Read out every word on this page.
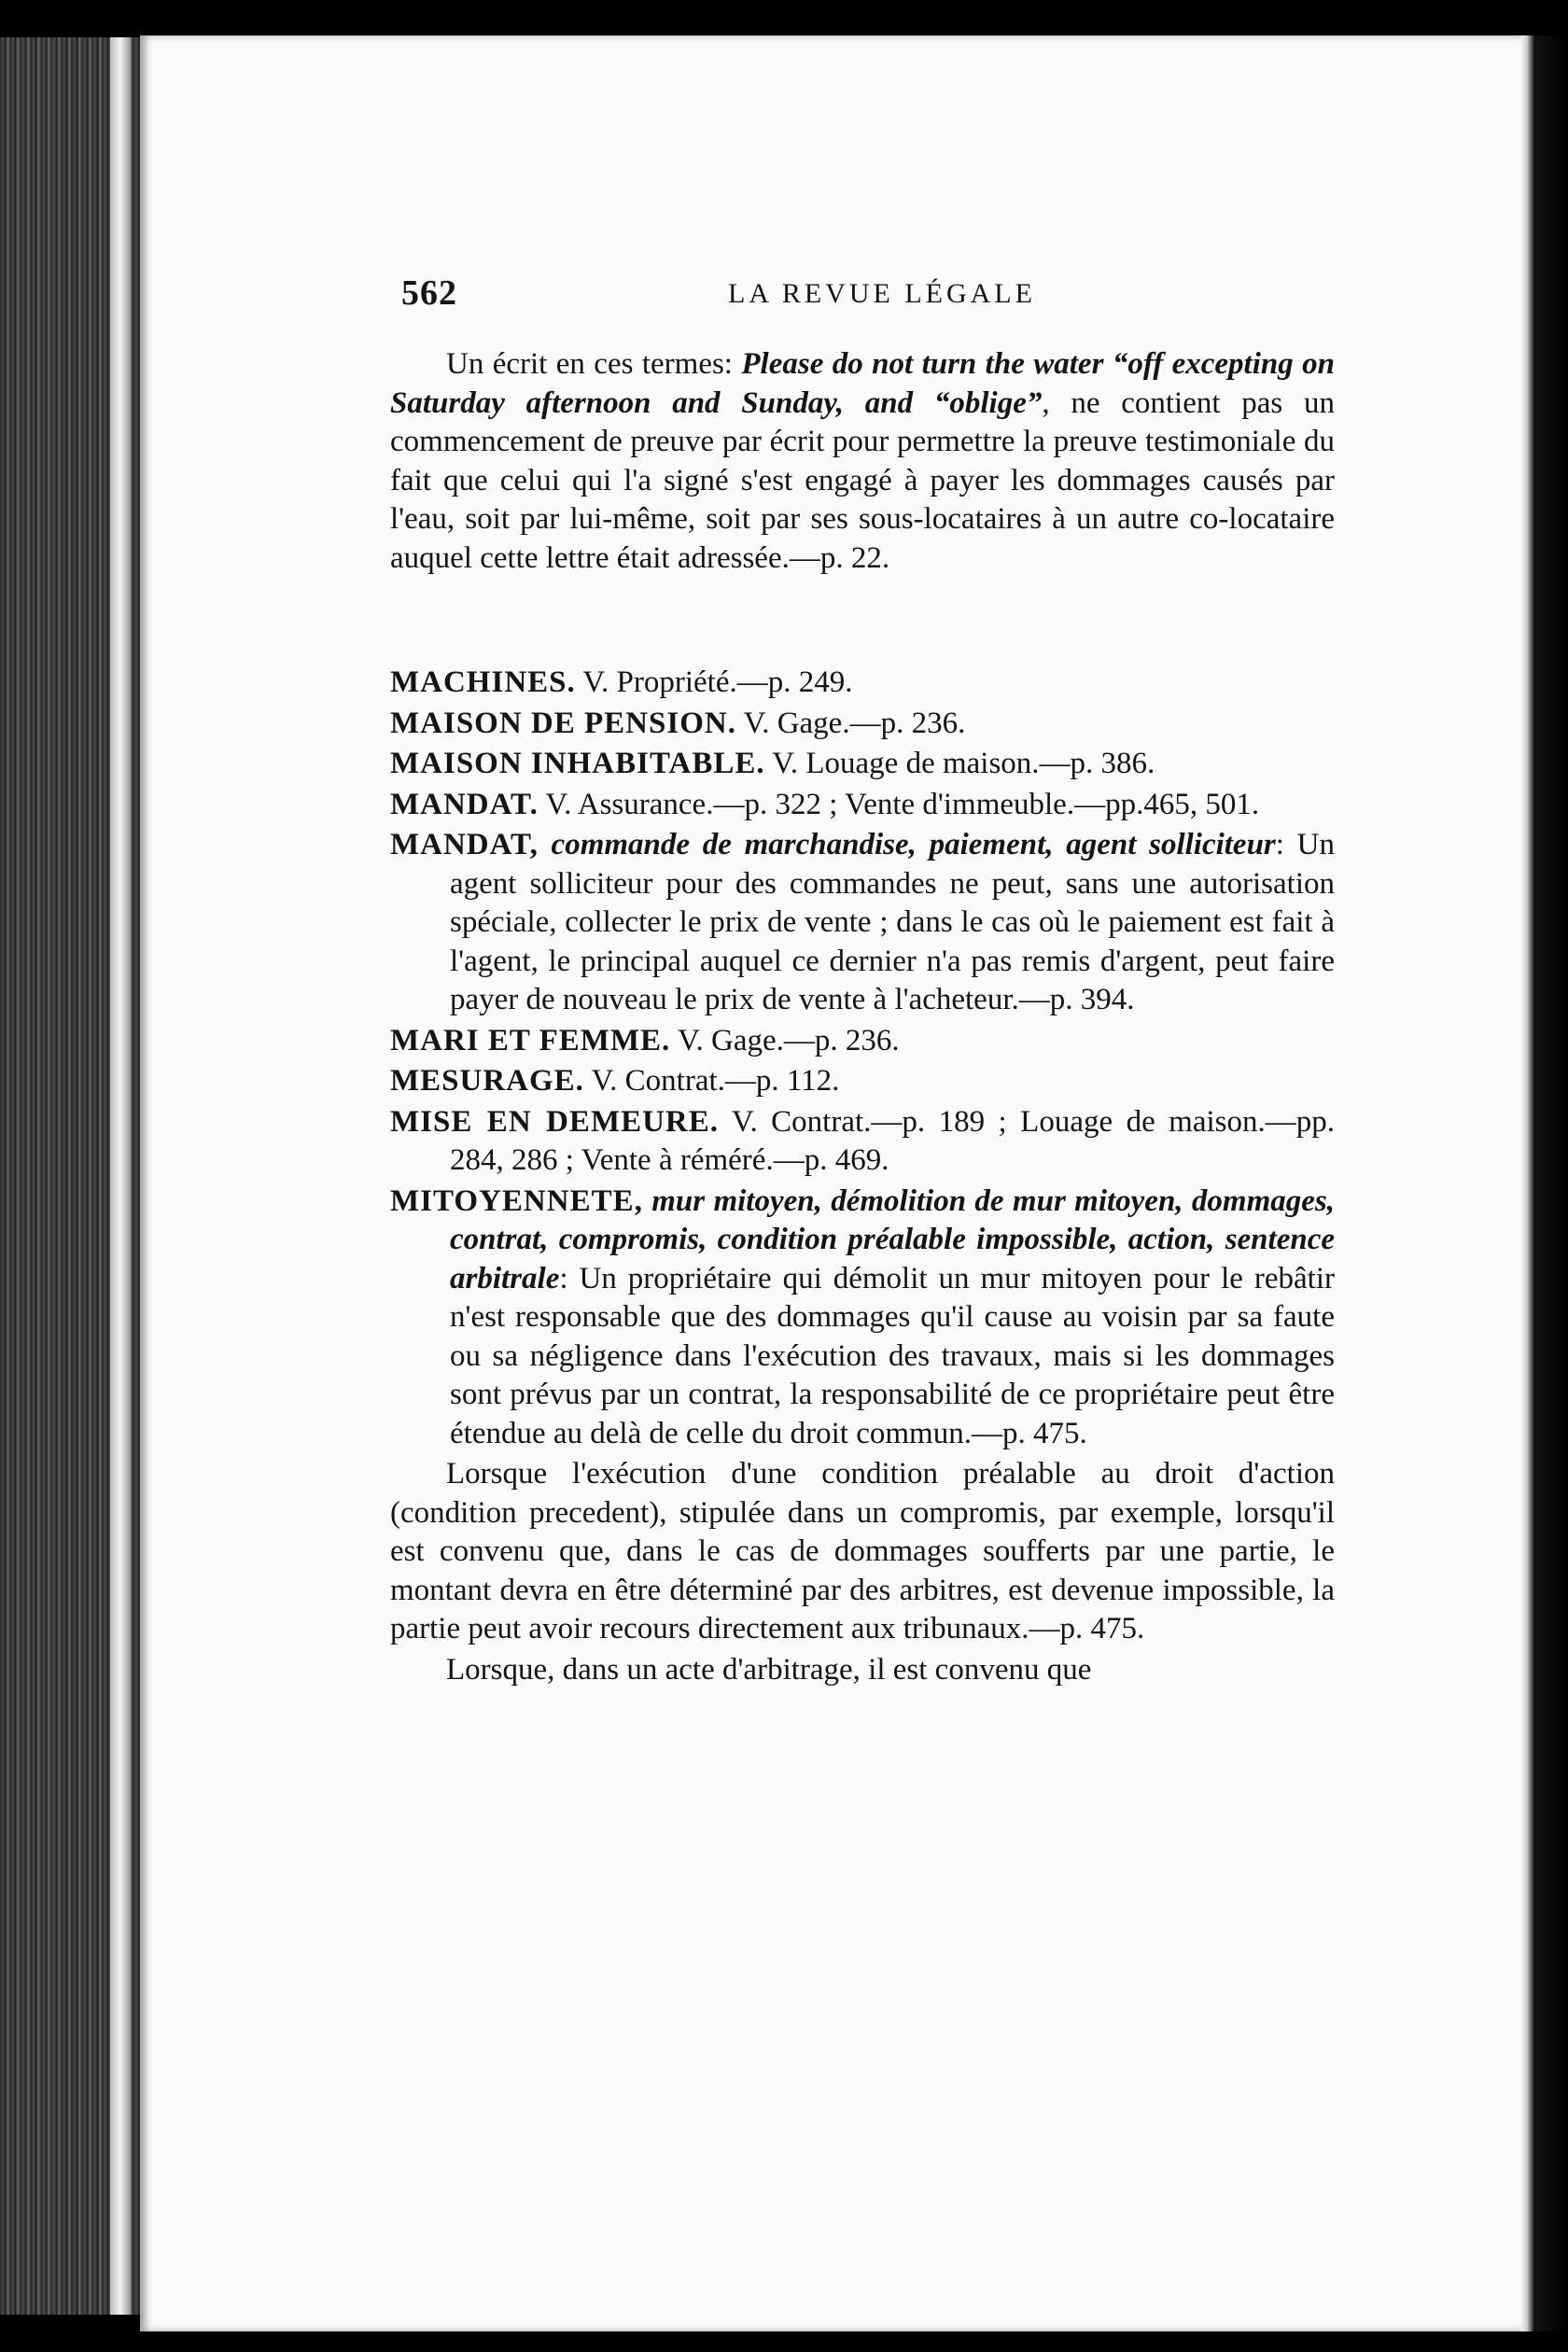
562	LA REVUE LÉGALE

Un écrit en ces termes: Please do not turn the water “off excepting on Saturday afternoon and Sunday, and “oblige”, ne contient pas un commencement de preuve par écrit pour permettre la preuve testimoniale du fait que celui qui l'a signé s'est engagé à payer les dommages causés par l'eau, soit par lui-même, soit par ses sous-locataires à un autre co-locataire auquel cette lettre était adressée.—p. 22.

MACHINES. V. Propriété.—p. 249.

MAISON DE PENSION. V. Gage.—p. 236.

MAISON INHABITABLE. V. Louage de maison.—p. 386.

MANDAT. V. Assurance.—p. 322 ; Vente d'immeuble.—pp.465, 501.

MANDAT, commande de marchandise, paiement, agent solliciteur: Un agent solliciteur pour des commandes ne peut, sans une autorisation spéciale, collecter le prix de vente ; dans le cas où le paiement est fait à l'agent, le principal auquel ce dernier n'a pas remis d'argent, peut faire payer de nouveau le prix de vente à l'acheteur.—p. 394.

MARI ET FEMME. V. Gage.—p. 236.

MESURAGE. V. Contrat.—p. 112.

MISE EN DEMEURE. V. Contrat.—p. 189 ; Louage de maison.—pp. 284, 286 ; Vente à réméré.—p. 469.

MITOYENNETE, mur mitoyen, démolition de mur mitoyen, dommages, contrat, compromis, condition préalable impossible, action, sentence arbitrale: Un propriétaire qui démolit un mur mitoyen pour le rebâtir n'est responsable que des dommages qu'il cause au voisin par sa faute ou sa négligence dans l'exécution des travaux, mais si les dommages sont prévus par un contrat, la responsabilité de ce propriétaire peut être étendue au delà de celle du droit commun.—p. 475.

Lorsque l'exécution d'une condition préalable au droit d'action (condition precedent), stipulée dans un compromis, par exemple, lorsqu'il est convenu que, dans le cas de dommages soufferts par une partie, le montant devra en être déterminé par des arbitres, est devenue impossible, la partie peut avoir recours directement aux tribunaux.—p. 475.

Lorsque, dans un acte d'arbitrage, il est convenu que
